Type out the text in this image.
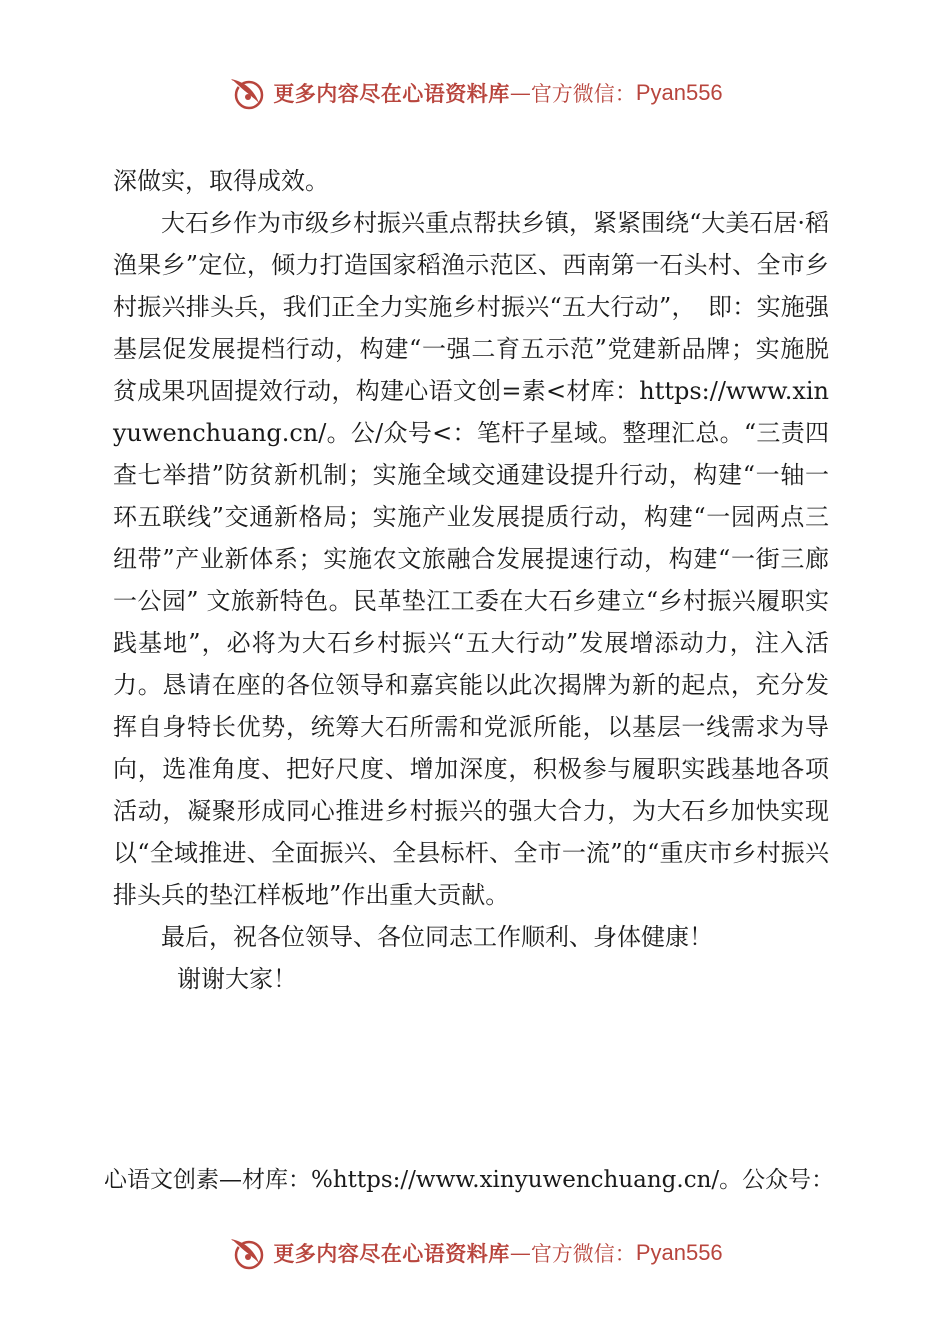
更多内容尽在心语资料库 — 官方微信： Pyan556

深做实，取得成效。

大石乡作为市级乡村振兴重点帮扶乡镇，紧紧围绕“大美石居·稻渔果乡”定位，倾力打造国家稻渔示范区、西南第一石头村、全市乡村振兴排头兵，我们正全力实施乡村振兴“五大行动”，　即：实施强基层促发展提档行动，构建“一强二育五示范”党建新品牌；实施脱贫成果巩固提效行动，构建心语文创=素<材库：https://www.xinyuwenchuang.cn/。公/众号<：笔杆子星域。整理汇总。“三责四查七举措”防贫新机制；实施全域交通建设提升行动，构建“一轴一环五联线”交通新格局；实施产业发展提质行动，构建“一园两点三纽带”产业新体系；实施农文旅融合发展提速行动，构建“一街三廊一公园” 文旅新特色。民革垫江工委在大石乡建立“乡村振兴履职实践基地”，必将为大石乡村振兴“五大行动”发展增添动力，注入活力。恳请在座的各位领导和嘉宾能以此次揭牌为新的起点，充分发挥自身特长优势，统筹大石所需和党派所能，以基层一线需求为导向，选准角度、把好尺度、增加深度，积极参与履职实践基地各项活动，凝聚形成同心推进乡村振兴的强大合力，为大石乡加快实现以“全域推进、全面振兴、全县标杆、全市一流”的“重庆市乡村振兴排头兵的垫江样板地”作出重大贡献。

最后，祝各位领导、各位同志工作顺利、身体健康！

谢谢大家！

心语文创素—材库：%https://www.xinyuwenchuang.cn/。公众号：
更多内容尽在心语资料库 — 官方微信： Pyan556
